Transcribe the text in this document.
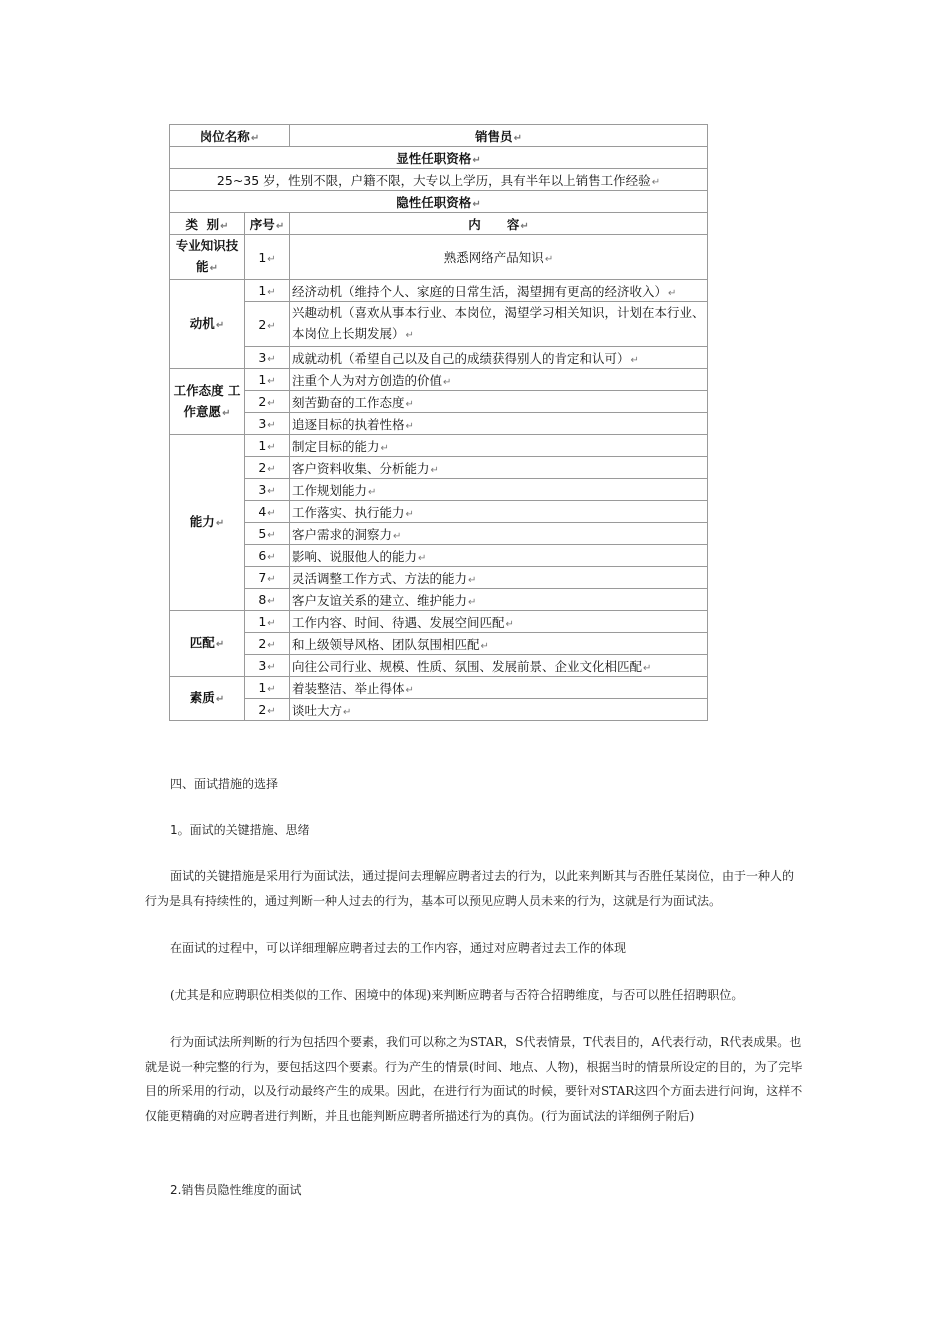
岗位名称↵		销售员↵
显性任职资格↵		
25~35 岁，性别不限，户籍不限，大专以上学历，具有半年以上销售工作经验↵		
隐性任职资格↵		
类  别↵	序号↵	内      容↵
专业知识技能↵	1↵	熟悉网络产品知识↵
动机↵	1↵	经济动机（维持个人、家庭的日常生活，渴望拥有更高的经济收入）↵
	2↵	兴趣动机（喜欢从事本行业、本岗位，渴望学习相关知识，计划在本行业、本岗位上长期发展）↵
	3↵	成就动机（希望自己以及自己的成绩获得别人的肯定和认可）↵
工作态度 工作意愿↵	1↵	注重个人为对方创造的价值↵
	2↵	刻苦勤奋的工作态度↵
	3↵	追逐目标的执着性格↵
能力↵	1↵	制定目标的能力↵
	2↵	客户资料收集、分析能力↵
	3↵	工作规划能力↵
	4↵	工作落实、执行能力↵
	5↵	客户需求的洞察力↵
	6↵	影响、说服他人的能力↵
	7↵	灵活调整工作方式、方法的能力↵
	8↵	客户友谊关系的建立、维护能力↵
匹配↵	1↵	工作内容、时间、待遇、发展空间匹配↵
	2↵	和上级领导风格、团队氛围相匹配↵
	3↵	向往公司行业、规模、性质、氛围、发展前景、企业文化相匹配↵
素质↵	1↵	着装整洁、举止得体↵
	2↵	谈吐大方↵
四、面试措施的选择
1。面试的关键措施、思绪
面试的关键措施是采用行为面试法，通过提问去理解应聘者过去的行为，以此来判断其与否胜任某岗位，由于一种人的行为是具有持续性的，通过判断一种人过去的行为，基本可以预见应聘人员未来的行为，这就是行为面试法。
在面试的过程中，可以详细理解应聘者过去的工作内容，通过对应聘者过去工作的体现
(尤其是和应聘职位相类似的工作、困境中的体现)来判断应聘者与否符合招聘维度，与否可以胜任招聘职位。
行为面试法所判断的行为包括四个要素，我们可以称之为STAR，S代表情景，T代表目的，A代表行动，R代表成果。也就是说一种完整的行为，要包括这四个要素。行为产生的情景(时间、地点、人物)，根据当时的情景所设定的目的，为了完毕目的所采用的行动，以及行动最终产生的成果。因此，在进行行为面试的时候，要针对STAR这四个方面去进行问询，这样不仅能更精确的对应聘者进行判断，并且也能判断应聘者所描述行为的真伪。(行为面试法的详细例子附后)
2.销售员隐性维度的面试
